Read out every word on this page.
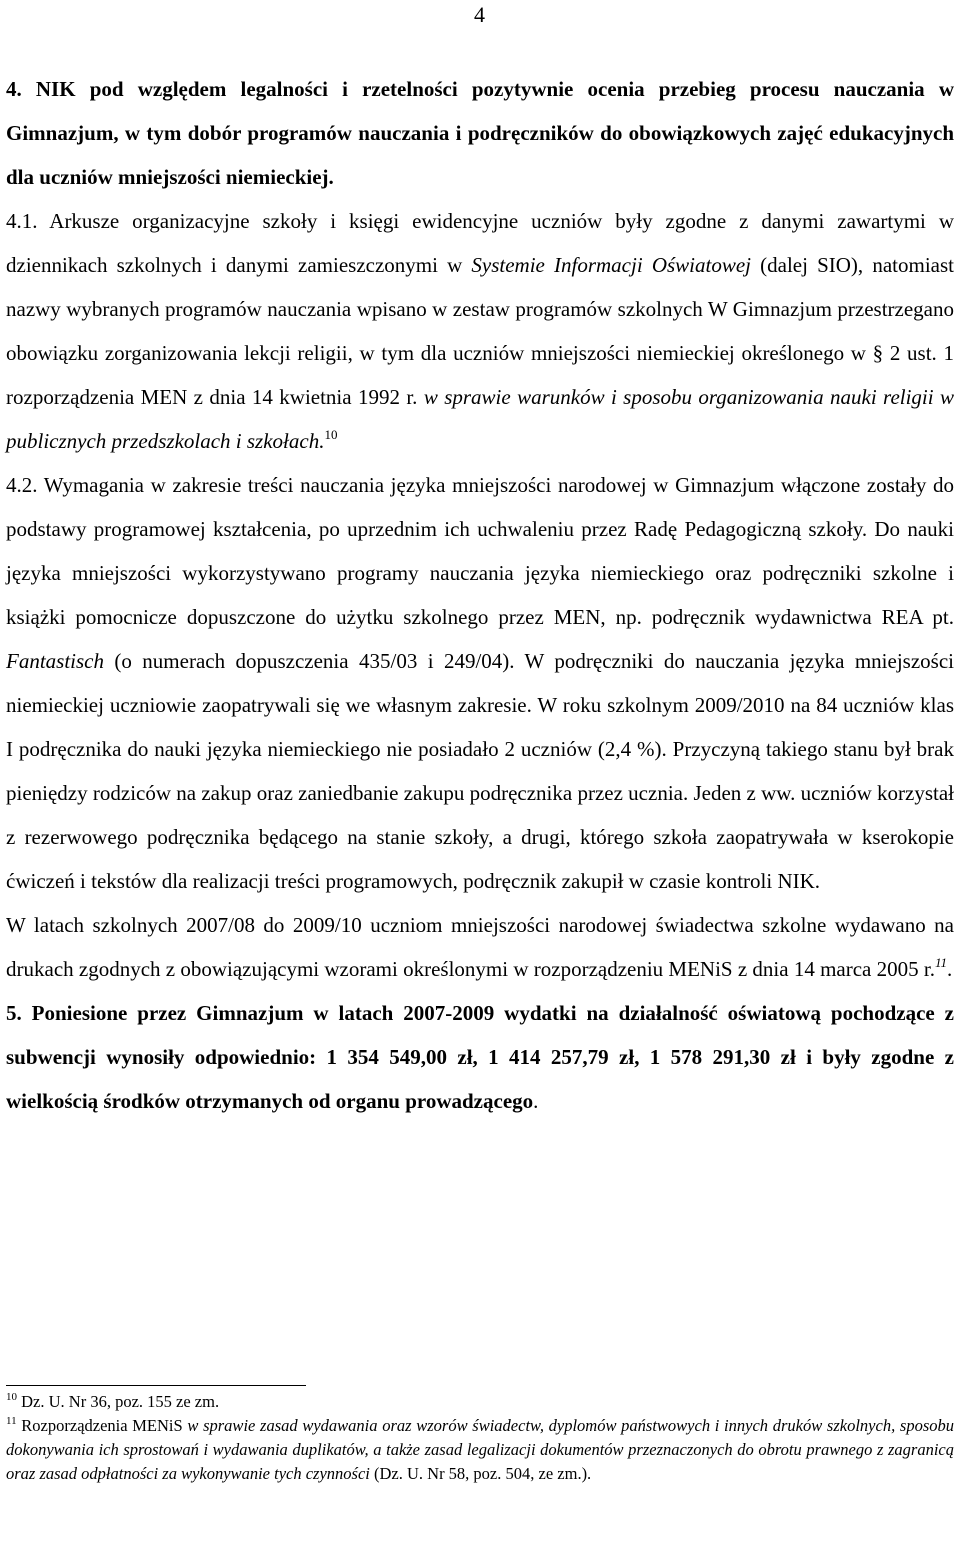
4

4. NIK pod względem legalności i rzetelności pozytywnie ocenia przebieg procesu nauczania w Gimnazjum, w tym dobór programów nauczania i podręczników do obowiązkowych zajęć edukacyjnych dla uczniów mniejszości niemieckiej.

4.1. Arkusze organizacyjne szkoły i księgi ewidencyjne uczniów były zgodne z danymi zawartymi w dziennikach szkolnych i danymi zamieszczonymi w Systemie Informacji Oświatowej (dalej SIO), natomiast nazwy wybranych programów nauczania wpisano w zestaw programów szkolnych W Gimnazjum przestrzegano obowiązku zorganizowania lekcji religii, w tym dla uczniów mniejszości niemieckiej określonego w § 2 ust. 1 rozporządzenia MEN z dnia 14 kwietnia 1992 r. w sprawie warunków i sposobu organizowania nauki religii w publicznych przedszkolach i szkołach.$^{10}$

4.2. Wymagania w zakresie treści nauczania języka mniejszości narodowej w Gimnazjum włączone zostały do podstawy programowej kształcenia, po uprzednim ich uchwaleniu przez Radę Pedagogiczną szkoły. Do nauki języka mniejszości wykorzystywano programy nauczania języka niemieckiego oraz podręczniki szkolne i książki pomocnicze dopuszczone do użytku szkolnego przez MEN, np. podręcznik wydawnictwa REA pt. Fantastisch (o numerach dopuszczenia 435/03 i 249/04). W podręczniki do nauczania języka mniejszości niemieckiej uczniowie zaopatrywali się we własnym zakresie. W roku szkolnym 2009/2010 na 84 uczniów klas I podręcznika do nauki języka niemieckiego nie posiadało 2 uczniów (2,4 %). Przyczyną takiego stanu był brak pieniędzy rodziców na zakup oraz zaniedbanie zakupu podręcznika przez ucznia. Jeden z ww. uczniów korzystał z rezerwowego podręcznika będącego na stanie szkoły, a drugi, którego szkoła zaopatrywała w kserokopie ćwiczeń i tekstów dla realizacji treści programowych, podręcznik zakupił w czasie kontroli NIK.

W latach szkolnych 2007/08 do 2009/10 uczniom mniejszości narodowej świadectwa szkolne wydawano na drukach zgodnych z obowiązującymi wzorami określonymi w rozporządzeniu MENiS z dnia 14 marca 2005 r.$^{11}$.

5. Poniesione przez Gimnazjum w latach 2007-2009 wydatki na działalność oświatową pochodzące z subwencji wynosiły odpowiednio: 1 354 549,00 zł, 1 414 257,79 zł, 1 578 291,30 zł i były zgodne z wielkością środków otrzymanych od organu prowadzącego.

$^{10}$ Dz. U. Nr 36, poz. 155 ze zm.

$^{11}$ Rozporządzenia MENiS w sprawie zasad wydawania oraz wzorów świadectw, dyplomów państwowych i innych druków szkolnych, sposobu dokonywania ich sprostowań i wydawania duplikatów, a także zasad legalizacji dokumentów przeznaczonych do obrotu prawnego z zagranicą oraz zasad odpłatności za wykonywanie tych czynności (Dz. U. Nr 58, poz. 504, ze zm.).
